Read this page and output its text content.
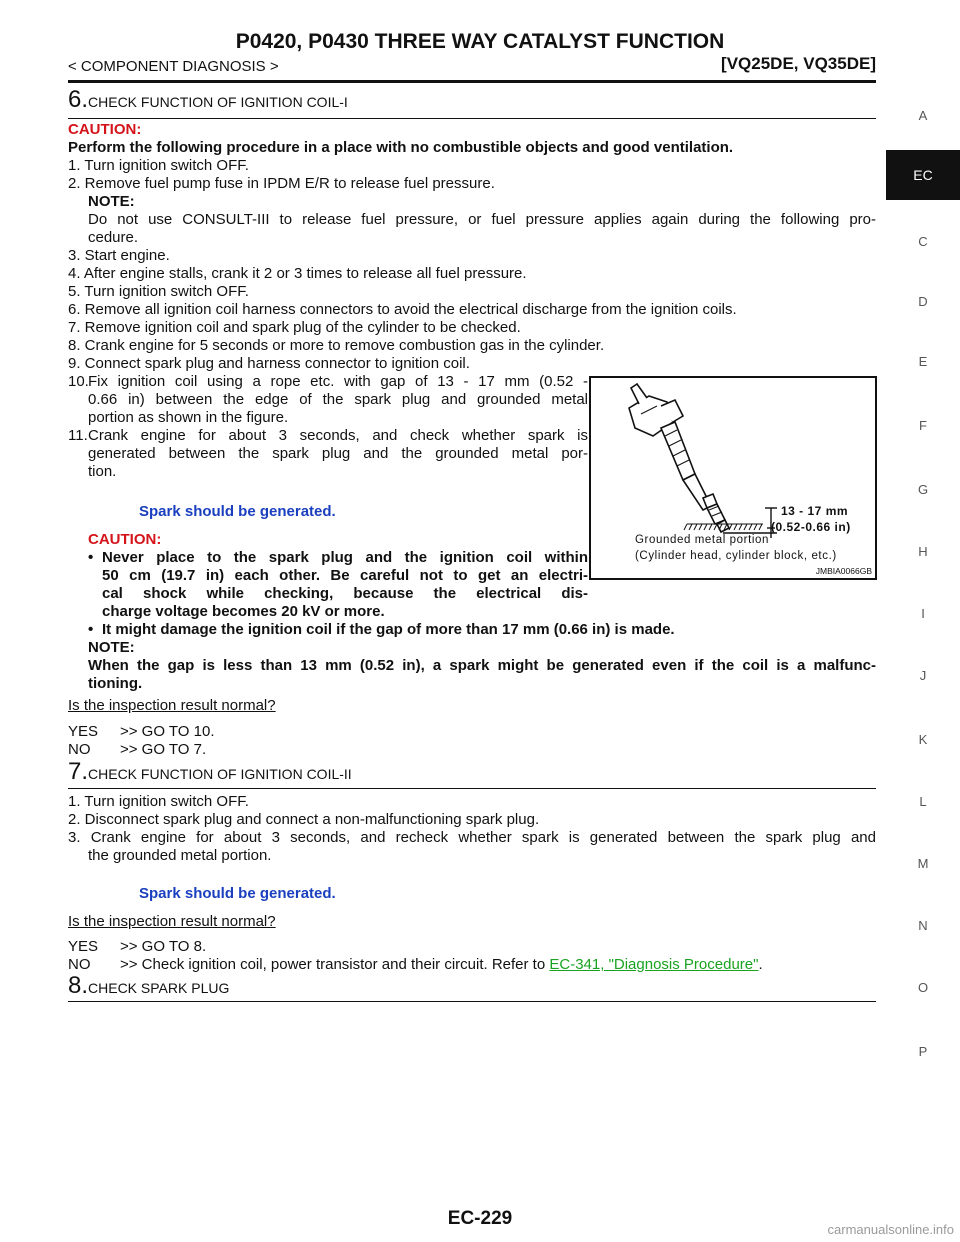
P0420, P0430 THREE WAY CATALYST FUNCTION
< COMPONENT DIAGNOSIS >	[VQ25DE, VQ35DE]
A
EC
C
D
E
F
G
H
I
J
K
L
M
N
O
P
6.CHECK FUNCTION OF IGNITION COIL-I
CAUTION:
Perform the following procedure in a place with no combustible objects and good ventilation.
1. Turn ignition switch OFF.
2. Remove fuel pump fuse in IPDM E/R to release fuel pressure.
NOTE:
Do not use CONSULT-III to release fuel pressure, or fuel pressure applies again during the following pro-
cedure.
3. Start engine.
4. After engine stalls, crank it 2 or 3 times to release all fuel pressure.
5. Turn ignition switch OFF.
6. Remove all ignition coil harness connectors to avoid the electrical discharge from the ignition coils.
7. Remove ignition coil and spark plug of the cylinder to be checked.
8. Crank engine for 5 seconds or more to remove combustion gas in the cylinder.
9. Connect spark plug and harness connector to ignition coil.
10. Fix ignition coil using a rope etc. with gap of 13 - 17 mm (0.52 -
0.66 in) between the edge of the spark plug and grounded metal
portion as shown in the figure.
11. Crank engine for about 3 seconds, and check whether spark is
generated between the spark plug and the grounded metal por-
tion.
Spark should be generated.
CAUTION:
• Never place to the spark plug and the ignition coil within
50 cm (19.7 in) each other. Be careful not to get an electri-
cal shock while checking, because the electrical dis-
charge voltage becomes 20 kV or more.
• It might damage the ignition coil if the gap of more than 17 mm (0.66 in) is made.
NOTE:
When the gap is less than 13 mm (0.52 in), a spark might be generated even if the coil is a malfunc-
tioning.
Is the inspection result normal?
YES >> GO TO 10.
NO >> GO TO 7.
13 - 17 mm
(0.52-0.66 in)
Grounded metal portion
(Cylinder head, cylinder block, etc.)
JMBIA0066GB
7.CHECK FUNCTION OF IGNITION COIL-II
1. Turn ignition switch OFF.
2. Disconnect spark plug and connect a non-malfunctioning spark plug.
3. Crank engine for about 3 seconds, and recheck whether spark is generated between the spark plug and
the grounded metal portion.
Spark should be generated.
Is the inspection result normal?
YES >> GO TO 8.
NO >> Check ignition coil, power transistor and their circuit. Refer to EC-341, "Diagnosis Procedure".
8.CHECK SPARK PLUG
EC-229
carmanualsonline.info
